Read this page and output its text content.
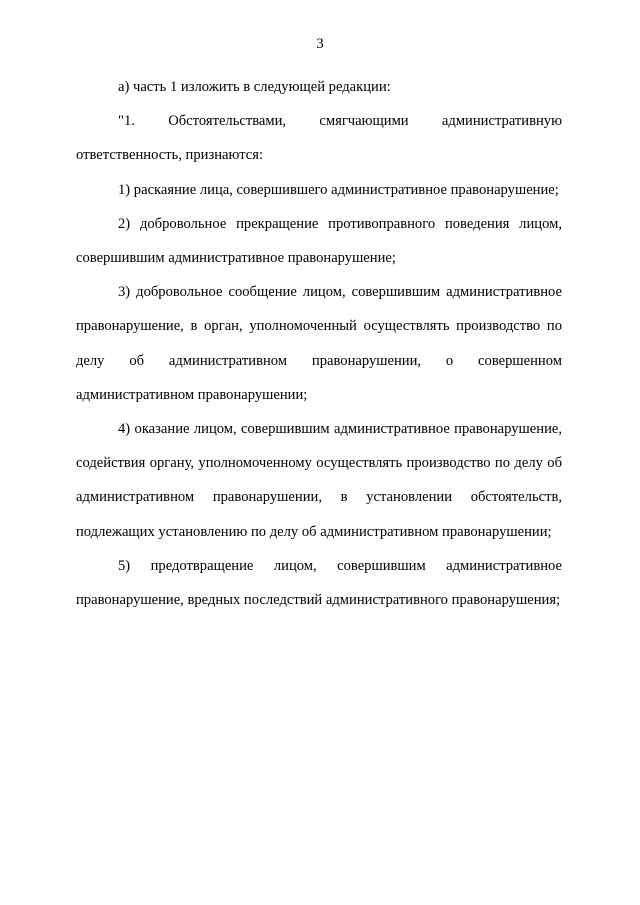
3

а) часть 1 изложить в следующей редакции:

"1. Обстоятельствами, смягчающими административную ответственность, признаются:

1) раскаяние лица, совершившего административное правонарушение;

2) добровольное прекращение противоправного поведения лицом, совершившим административное правонарушение;

3) добровольное сообщение лицом, совершившим административное правонарушение, в орган, уполномоченный осуществлять производство по делу об административном правонарушении, о совершенном административном правонарушении;

4) оказание лицом, совершившим административное правонарушение, содействия органу, уполномоченному осуществлять производство по делу об административном правонарушении, в установлении обстоятельств, подлежащих установлению по делу об административном правонарушении;

5) предотвращение лицом, совершившим административное правонарушение, вредных последствий административного правонарушения;
